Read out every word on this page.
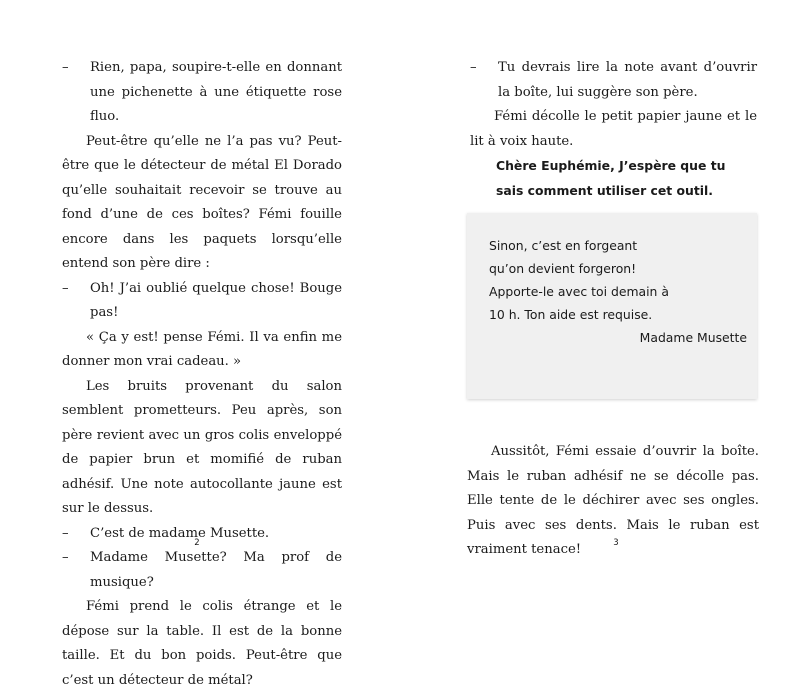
– Rien, papa, soupire-t-elle en donnant une pichenette à une étiquette rose fluo.

Peut-être qu’elle ne l’a pas vu? Peut-être que le détecteur de métal El Dorado qu’elle souhaitait recevoir se trouve au fond d’une de ces boîtes? Fémi fouille encore dans les paquets lorsqu’elle entend son père dire :

– Oh! J’ai oublié quelque chose! Bouge pas!

« Ça y est! pense Fémi. Il va enfin me donner mon vrai cadeau. »

Les bruits provenant du salon semblent prometteurs. Peu après, son père revient avec un gros colis enveloppé de papier brun et momifié de ruban adhésif. Une note autocollante jaune est sur le dessus.

– C’est de madame Musette.

– Madame Musette? Ma prof de musique?

Fémi prend le colis étrange et le dépose sur la table. Il est de la bonne taille. Et du bon poids. Peut-être que c’est un détecteur de métal?

2

– Tu devrais lire la note avant d’ouvrir la boîte, lui suggère son père.

Fémi décolle le petit papier jaune et le lit à voix haute.

Chère Euphémie, J’espère que tu
sais comment utiliser cet outil.
Sinon, c’est en forgeant
qu’on devient forgeron!
Apporte-le avec toi demain à
10 h. Ton aide est requise.
Madame Musette

Aussitôt, Fémi essaie d’ouvrir la boîte. Mais le ruban adhésif ne se décolle pas. Elle tente de le déchirer avec ses ongles. Puis avec ses dents. Mais le ruban est vraiment tenace!	3
